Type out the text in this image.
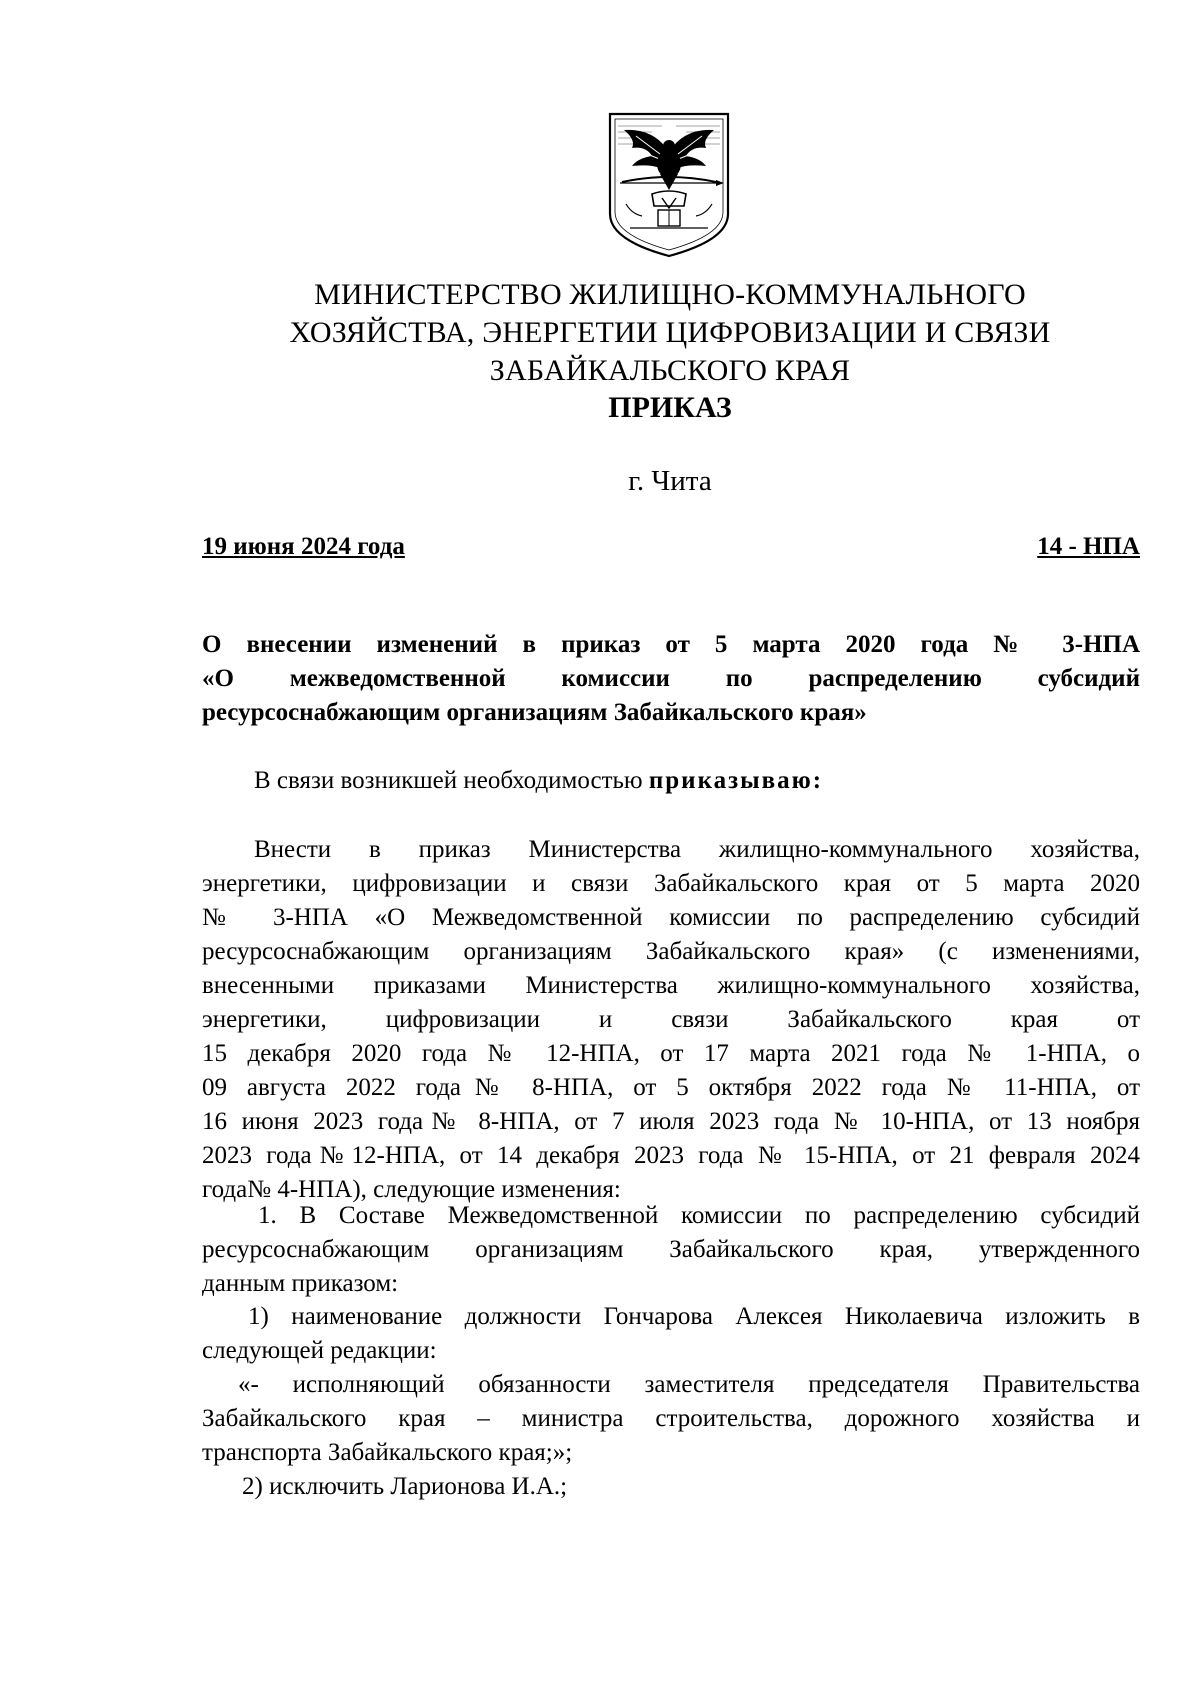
МИНИСТЕРСТВО ЖИЛИЩНО-КОММУНАЛЬНОГО
ХОЗЯЙСТВА, ЭНЕРГЕТИИ ЦИФРОВИЗАЦИИ И СВЯЗИ
ЗАБАЙКАЛЬСКОГО КРАЯ
ПРИКАЗ
г. Чита
19 июня 2024 года	14 - НПА
О внесении изменений в приказ от 5 марта 2020 года № 3-НПА
«О межведомственной комиссии по распределению субсидий
ресурсоснабжающим организациям Забайкальского края»
В связи возникшей необходимостью приказываю:
Внести в приказ Министерства жилищно-коммунального хозяйства,
энергетики, цифровизации и связи Забайкальского края от 5 марта 2020
№ 3-НПА «О Межведомственной комиссии по распределению субсидий
ресурсоснабжающим организациям Забайкальского края» (с изменениями,
внесенными приказами Министерства жилищно-коммунального хозяйства,
энергетики, цифровизации и связи Забайкальского края от
15 декабря 2020 года № 12-НПА, от 17 марта 2021 года № 1-НПА, о
09 августа 2022 года№ 8-НПА, от 5 октября 2022 года № 11-НПА, от
16 июня 2023 года№ 8-НПА, от 7 июля 2023 года № 10-НПА, от 13 ноября
2023 года№12-НПА, от 14 декабря 2023 года № 15-НПА, от 21 февраля 2024
года№ 4-НПА), следующие изменения:
1. В Составе Межведомственной комиссии по распределению субсидий
ресурсоснабжающим организациям Забайкальского края, утвержденного
данным приказом:
1) наименование должности Гончарова Алексея Николаевича изложить в
следующей редакции:
«- исполняющий обязанности заместителя председателя Правительства
Забайкальского края – министра строительства, дорожного хозяйства и
транспорта Забайкальского края;»;
2) исключить Ларионова И.А.;
